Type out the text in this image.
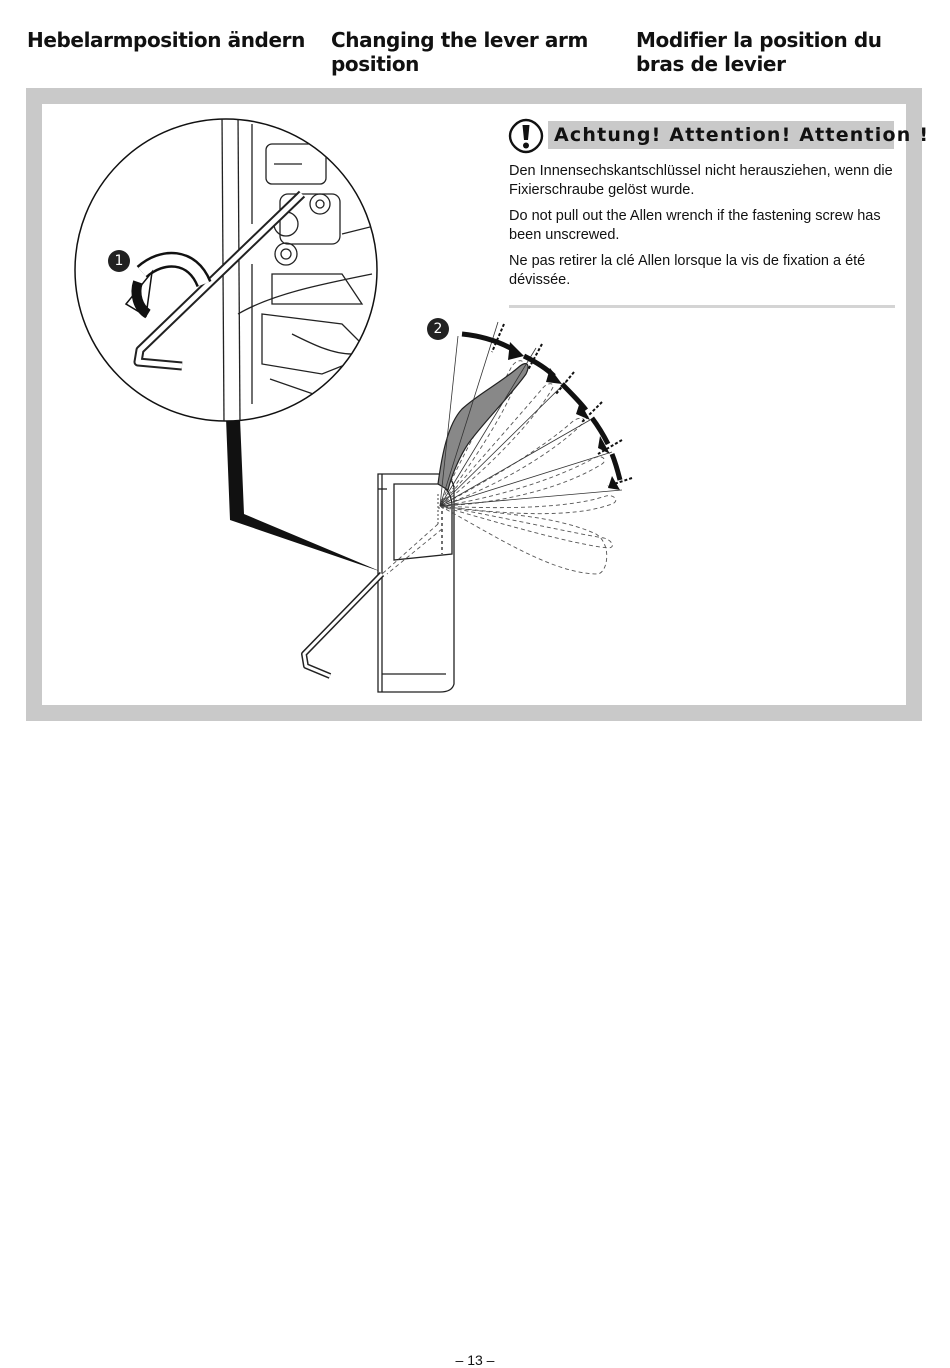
Hebelarmposition ändern	Changing the lever arm position
Modifier la position du bras de levier
1
2
Achtung! Attention! Attention !
Den Innensechskantschlüssel nicht herausziehen, wenn die Fixierschraube gelöst wurde.
Do not pull out the Allen wrench if the fastening screw has been unscrewed.
Ne pas retirer la clé Allen lorsque la vis de fixation a été dévissée.
– 13 –
